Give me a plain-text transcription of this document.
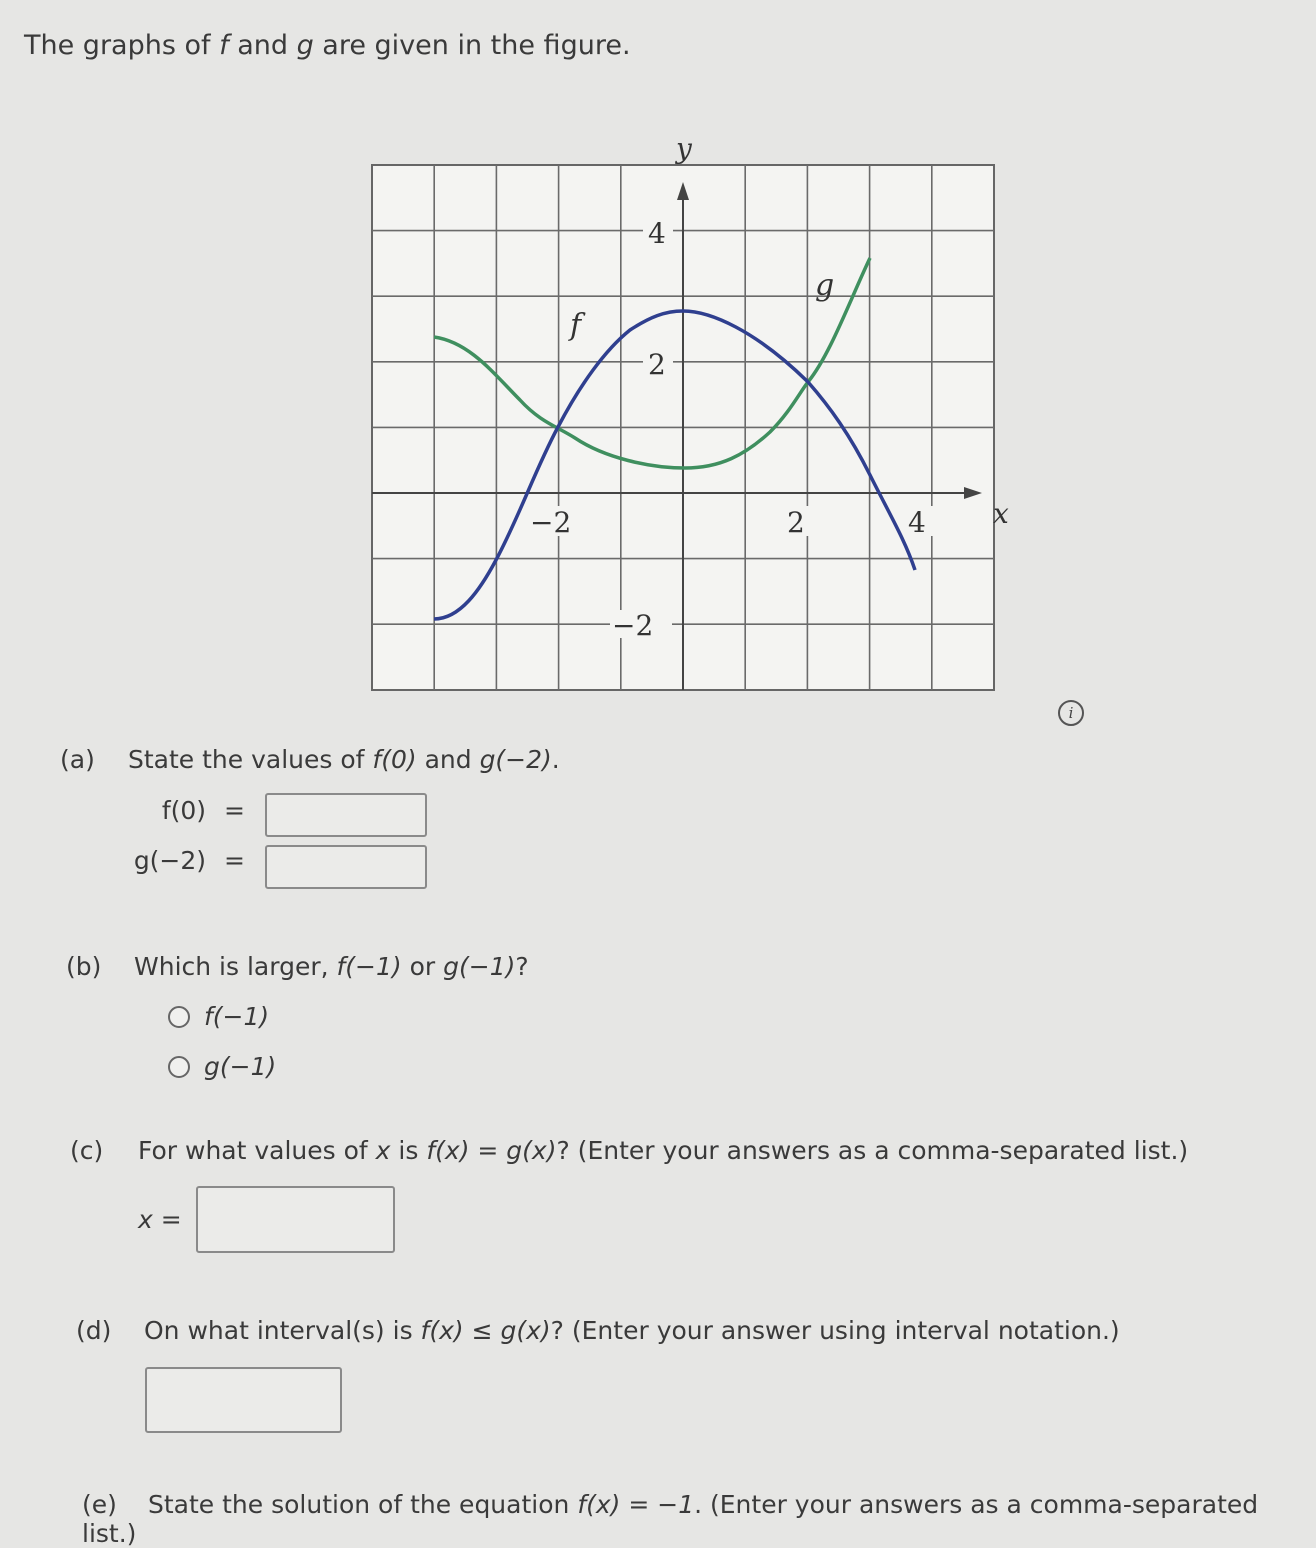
The graphs of f and g are given in the figure.
4
2
−2
−2	2	4
y
x
f
g
i
(a) State the values of f(0) and g(−2).
f(0) =
g(−2) =
(b) Which is larger, f(−1) or g(−1)?
f(−1)
g(−1)
(c) For what values of x is f(x) = g(x)? (Enter your answers as a comma-separated list.)
x =
(d) On what interval(s) is f(x) ≤ g(x)? (Enter your answer using interval notation.)
(e) State the solution of the equation f(x) = −1. (Enter your answers as a comma-separated list.)
